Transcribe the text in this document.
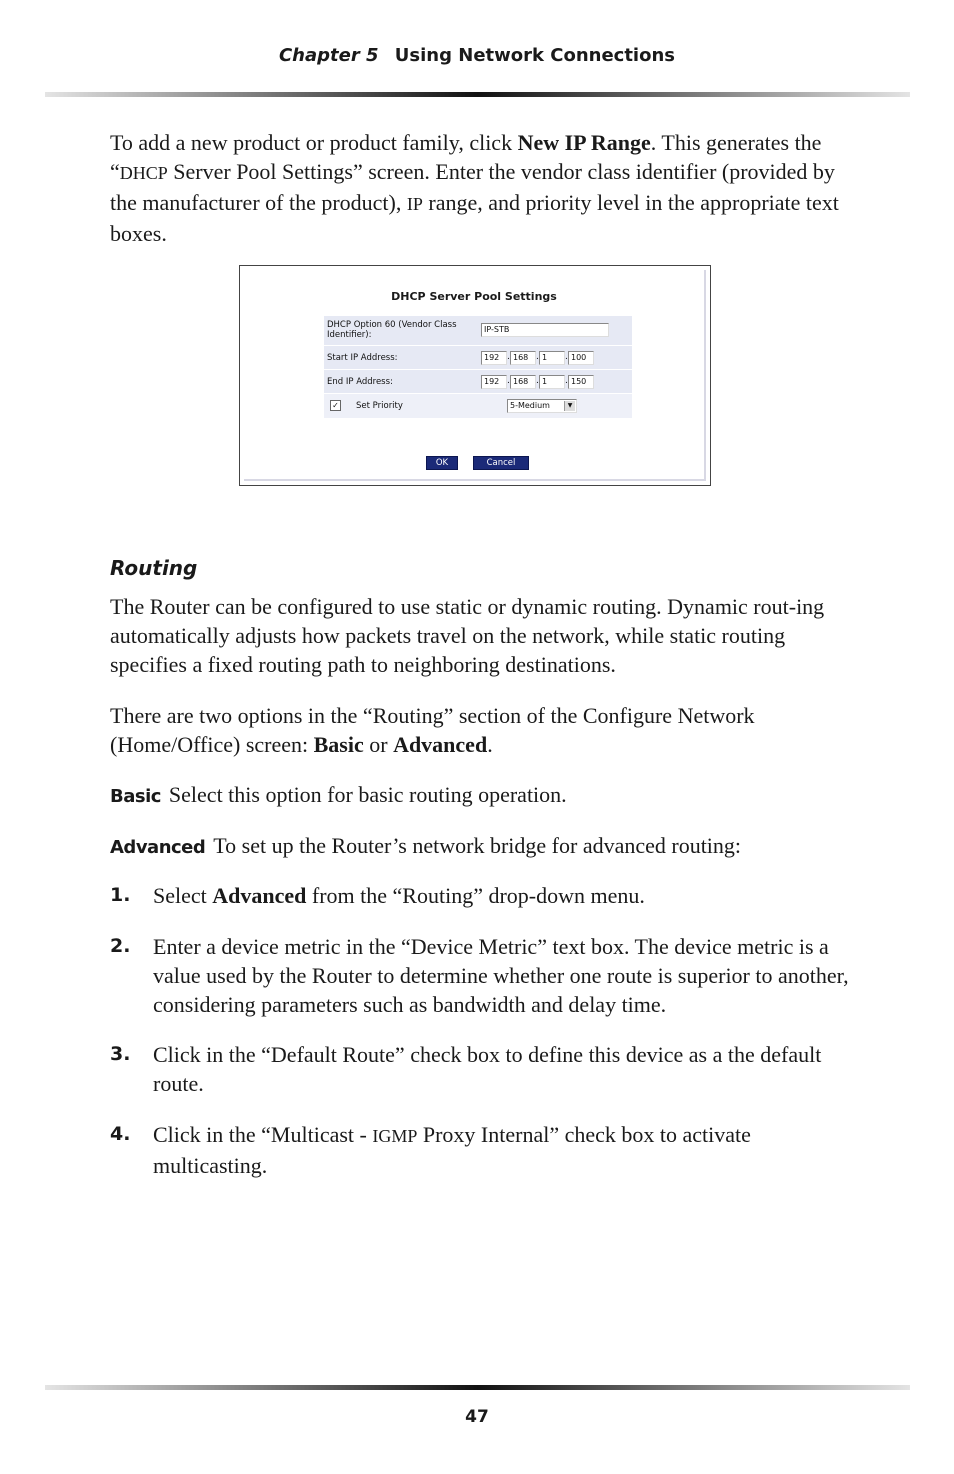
Chapter 5 Using Network Connections

To add a new product or product family, click New IP Range. This generates the “DHCP Server Pool Settings” screen. Enter the vendor class identifier (provided by the manufacturer of the product), IP range, and priority level in the appropriate text boxes.

DHCP Server Pool Settings
DHCP Option 60 (Vendor Class Identifier):
IP-STB
Start IP Address:	192 . 168 . 1	. 100
End IP Address:	192 . 168 . 1	. 150
✓ Set Priority	5-Medium	▼
OK	Cancel
Routing

The Router can be configured to use static or dynamic routing. Dynamic rout-ing automatically adjusts how packets travel on the network, while static routing specifies a fixed routing path to neighboring destinations.

There are two options in the “Routing” section of the Configure Network (Home/Office) screen: Basic or Advanced.

Basic Select this option for basic routing operation.

Advanced To set up the Router’s network bridge for advanced routing:

1. Select Advanced from the “Routing” drop-down menu.
2. Enter a device metric in the “Device Metric” text box. The device metric is a value used by the Router to determine whether one route is superior to another, considering parameters such as bandwidth and delay time.
3. Click in the “Default Route” check box to define this device as a the default route.
4. Click in the “Multicast - IGMP Proxy Internal” check box to activate multicasting.
47
